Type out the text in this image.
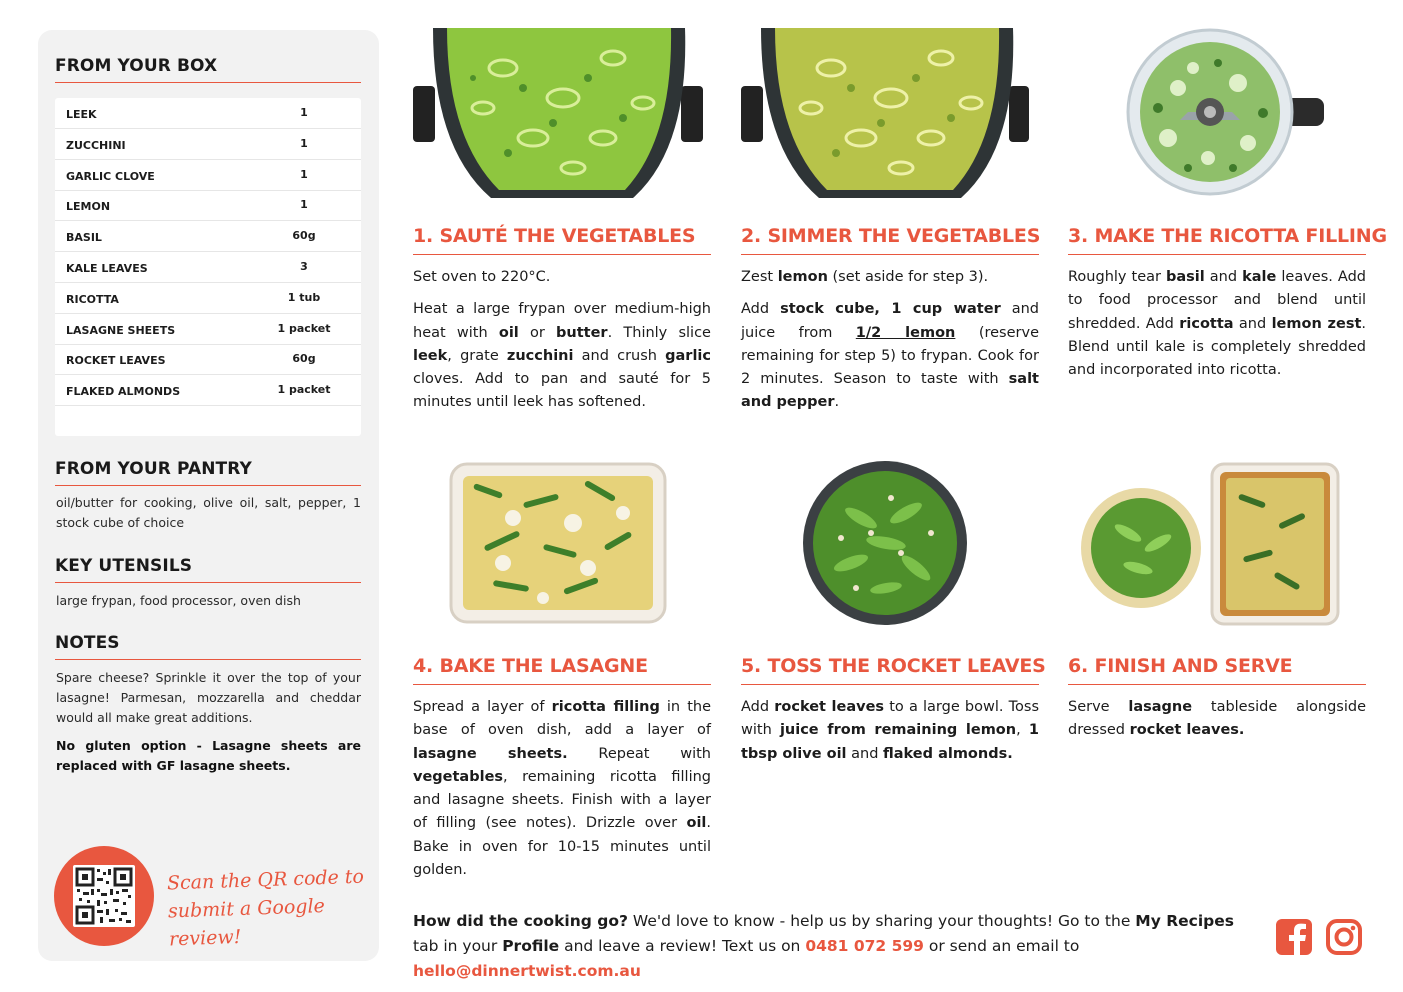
FROM YOUR BOX
LEEK	1
ZUCCHINI	1
GARLIC CLOVE	1
LEMON	1
BASIL	60g
KALE LEAVES	3
RICOTTA	1 tub
LASAGNE SHEETS	1 packet
ROCKET LEAVES	60g
FLAKED ALMONDS	1 packet
FROM YOUR PANTRY
oil/butter for cooking, olive oil, salt, pepper, 1 stock cube of choice
KEY UTENSILS
large frypan, food processor, oven dish
NOTES
Spare cheese? Sprinkle it over the top of your lasagne! Parmesan, mozzarella and cheddar would all make great additions.
No gluten option - Lasagne sheets are replaced with GF lasagne sheets.
Scan the QR code to
submit a Google review!
1. SAUTÉ THE VEGETABLES

Set oven to 220°C.

Heat a large frypan over medium-high heat with oil or butter. Thinly slice leek, grate zucchini and crush garlic cloves. Add to pan and sauté for 5 minutes until leek has softened.

2. SIMMER THE VEGETABLES

Zest lemon (set aside for step 3).

Add stock cube, 1 cup water and juice from 1/2 lemon (reserve remaining for step 5) to frypan. Cook for 2 minutes. Season to taste with salt and pepper.

3. MAKE THE RICOTTA FILLING

Roughly tear basil and kale leaves. Add to food processor and blend until shredded. Add ricotta and lemon zest. Blend until kale is completely shredded and incorporated into ricotta.

4. BAKE THE LASAGNE

Spread a layer of ricotta filling in the base of oven dish, add a layer of lasagne sheets. Repeat with vegetables, remaining ricotta filling and lasagne sheets. Finish with a layer of filling (see notes). Drizzle over oil. Bake in oven for 10-15 minutes until golden.

5. TOSS THE ROCKET LEAVES

Add rocket leaves to a large bowl. Toss with juice from remaining lemon, 1 tbsp olive oil and flaked almonds.

6. FINISH AND SERVE

Serve lasagne tableside alongside dressed rocket leaves.

How did the cooking go? We'd love to know - help us by sharing your thoughts! Go to the My Recipes tab in your Profile and leave a review! Text us on 0481 072 599 or send an email to hello@dinnertwist.com.au
